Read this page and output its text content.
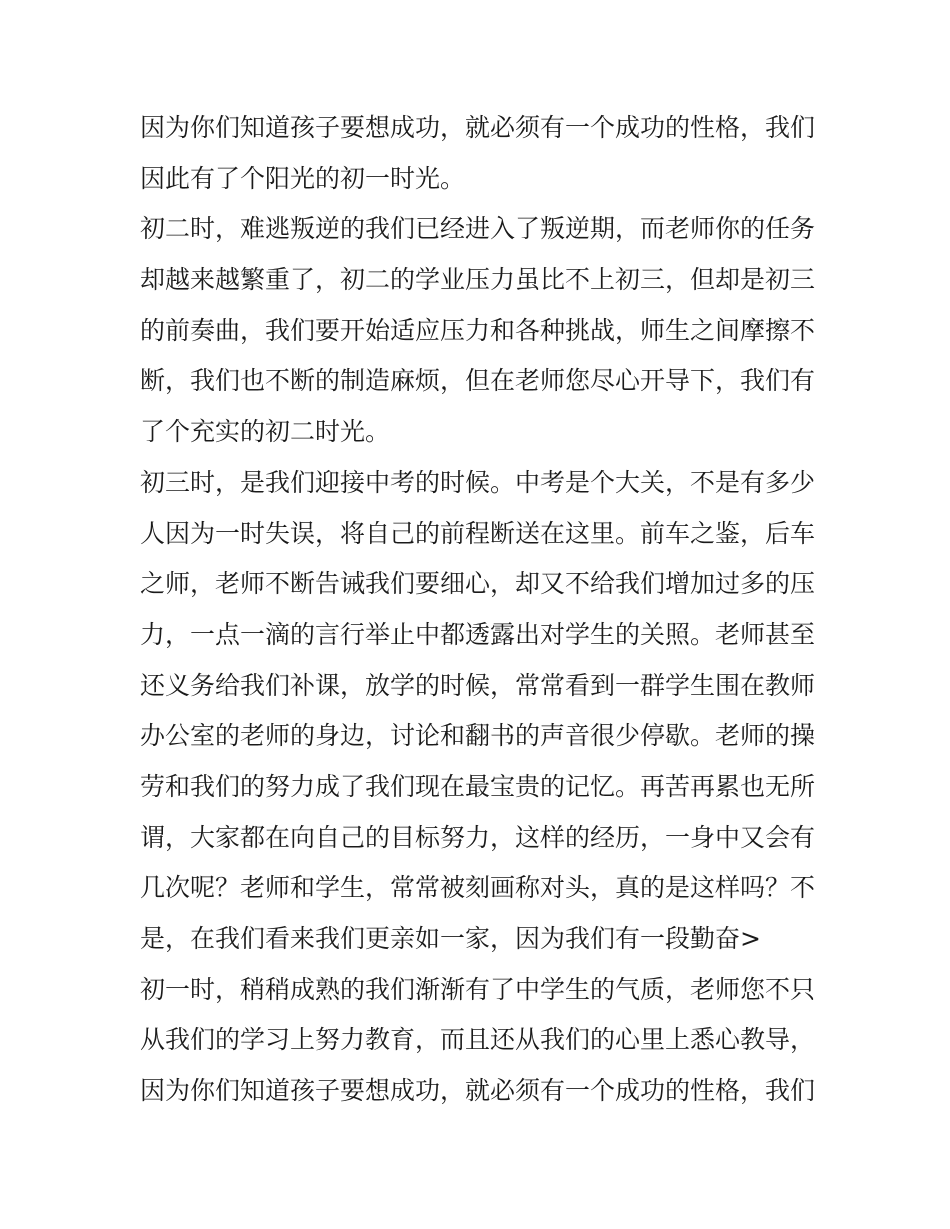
因为你们知道孩子要想成功，就必须有一个成功的性格，我们
因此有了个阳光的初一时光。
初二时，难逃叛逆的我们已经进入了叛逆期，而老师你的任务
却越来越繁重了，初二的学业压力虽比不上初三，但却是初三
的前奏曲，我们要开始适应压力和各种挑战，师生之间摩擦不
断，我们也不断的制造麻烦，但在老师您尽心开导下，我们有
了个充实的初二时光。
初三时，是我们迎接中考的时候。中考是个大关，不是有多少
人因为一时失误，将自己的前程断送在这里。前车之鉴，后车
之师，老师不断告诫我们要细心，却又不给我们增加过多的压
力，一点一滴的言行举止中都透露出对学生的关照。老师甚至
还义务给我们补课，放学的时候，常常看到一群学生围在教师
办公室的老师的身边，讨论和翻书的声音很少停歇。老师的操
劳和我们的努力成了我们现在最宝贵的记忆。再苦再累也无所
谓，大家都在向自己的目标努力，这样的经历，一身中又会有
几次呢？老师和学生，常常被刻画称对头，真的是这样吗？不
是，在我们看来我们更亲如一家，因为我们有一段勤奋>
初一时，稍稍成熟的我们渐渐有了中学生的气质，老师您不只
从我们的学习上努力教育，而且还从我们的心里上悉心教导，
因为你们知道孩子要想成功，就必须有一个成功的性格，我们
